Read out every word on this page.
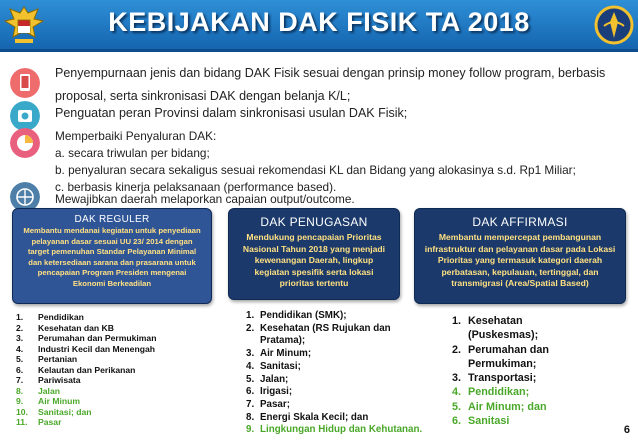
KEBIJAKAN DAK FISIK TA 2018
Penyempurnaan jenis dan bidang DAK Fisik sesuai dengan prinsip money follow program, berbasis
proposal, serta sinkronisasi DAK dengan belanja K/L;
Penguatan peran Provinsi dalam sinkronisasi usulan DAK Fisik;
Memperbaiki Penyaluran DAK:
a. secara triwulan per bidang;
b. penyaluran secara sekaligus sesuai rekomendasi KL dan Bidang yang alokasinya s.d. Rp1 Miliar;
c. berbasis kinerja pelaksanaan (performance based).
Mewajibkan daerah melaporkan capaian output/outcome.
DAK REGULER
Membantu mendanai kegiatan untuk penyediaan pelayanan dasar sesuai UU 23/ 2014 dengan target pemenuhan Standar Pelayanan Minimal dan ketersediaan sarana dan prasarana untuk pencapaian Program Presiden mengenai Ekonomi Berkeadilan
DAK PENUGASAN
Mendukung pencapaian Prioritas Nasional Tahun 2018 yang menjadi kewenangan Daerah, lingkup kegiatan spesifik serta lokasi prioritas tertentu
DAK AFFIRMASI
Membantu mempercepat pembangunan infrastruktur dan pelayanan dasar pada Lokasi Prioritas yang termasuk kategori daerah perbatasan, kepulauan, tertinggal, dan transmigrasi (Area/Spatial Based)
1. Pendidikan
2. Kesehatan dan KB
3. Perumahan dan Permukiman
4. Industri Kecil dan Menengah
5. Pertanian
6. Kelautan dan Perikanan
7. Pariwisata
8. Jalan
9. Air Minum
10. Sanitasi; dan
11. Pasar
1. Pendidikan (SMK);
2. Kesehatan (RS Rujukan dan
Pratama);
3. Air Minum;
4. Sanitasi;
5. Jalan;
6. Irigasi;
7. Pasar;
8. Energi Skala Kecil; dan
9. Lingkungan Hidup dan Kehutanan.
1. Kesehatan
(Puskesmas);
2. Perumahan dan
Permukiman;
3. Transportasi;
4. Pendidikan;
5. Air Minum; dan
6. Sanitasi
6
